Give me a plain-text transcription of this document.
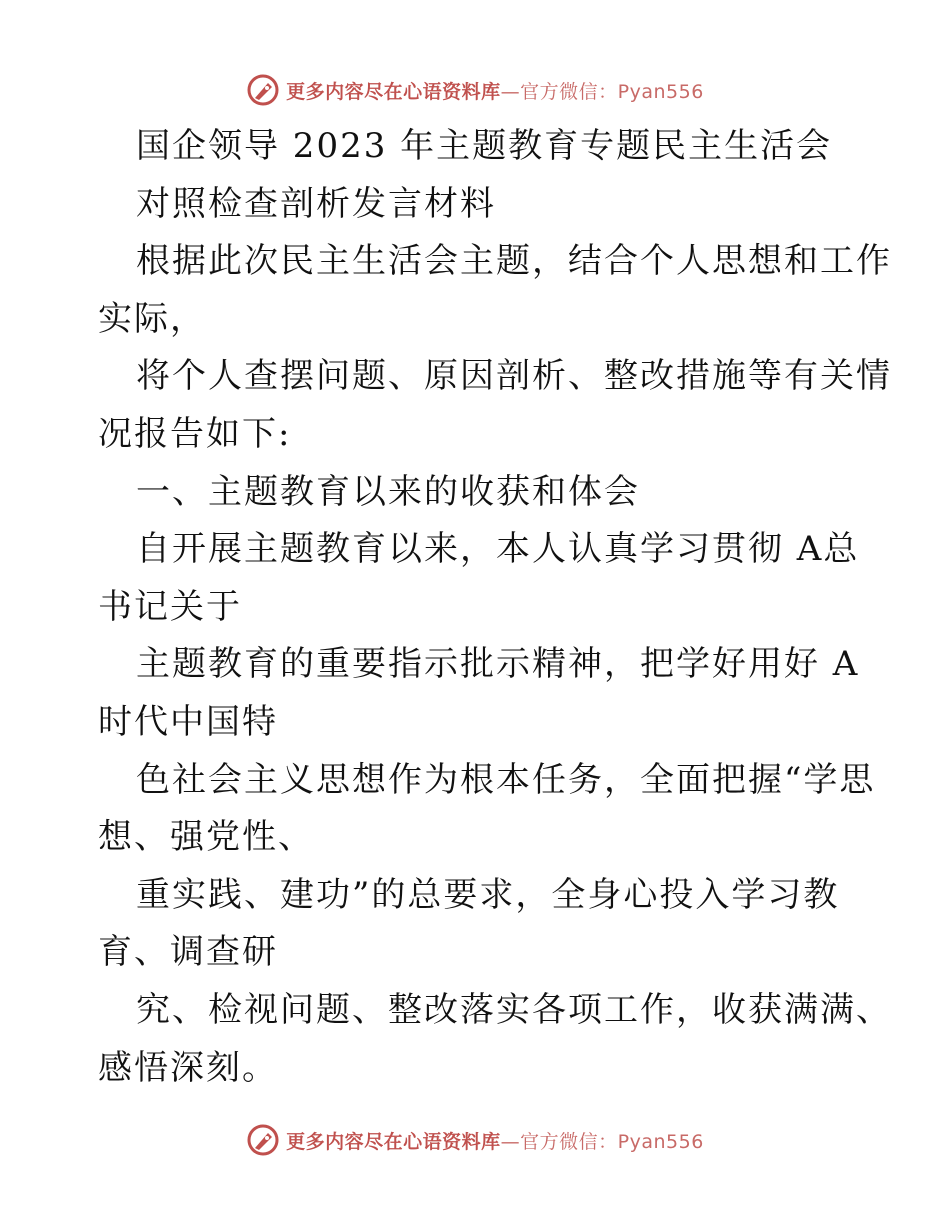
更多内容尽在心语资料库—官方微信：Pyan556
国企领导 2023 年主题教育专题民主生活会
对照检查剖析发言材料
根据此次民主生活会主题，结合个人思想和工作
实际，
将个人查摆问题、原因剖析、整改措施等有关情
况报告如下:
一、主题教育以来的收获和体会
自开展主题教育以来，本人认真学习贯彻 A总
书记关于
主题教育的重要指示批示精神，把学好用好 A
时代中国特
色社会主义思想作为根本任务，全面把握“学思
想、强党性、
重实践、建功”的总要求，全身心投入学习教
育、调查研
究、检视问题、整改落实各项工作，收获满满、
感悟深刻。
更多内容尽在心语资料库—官方微信：Pyan556
